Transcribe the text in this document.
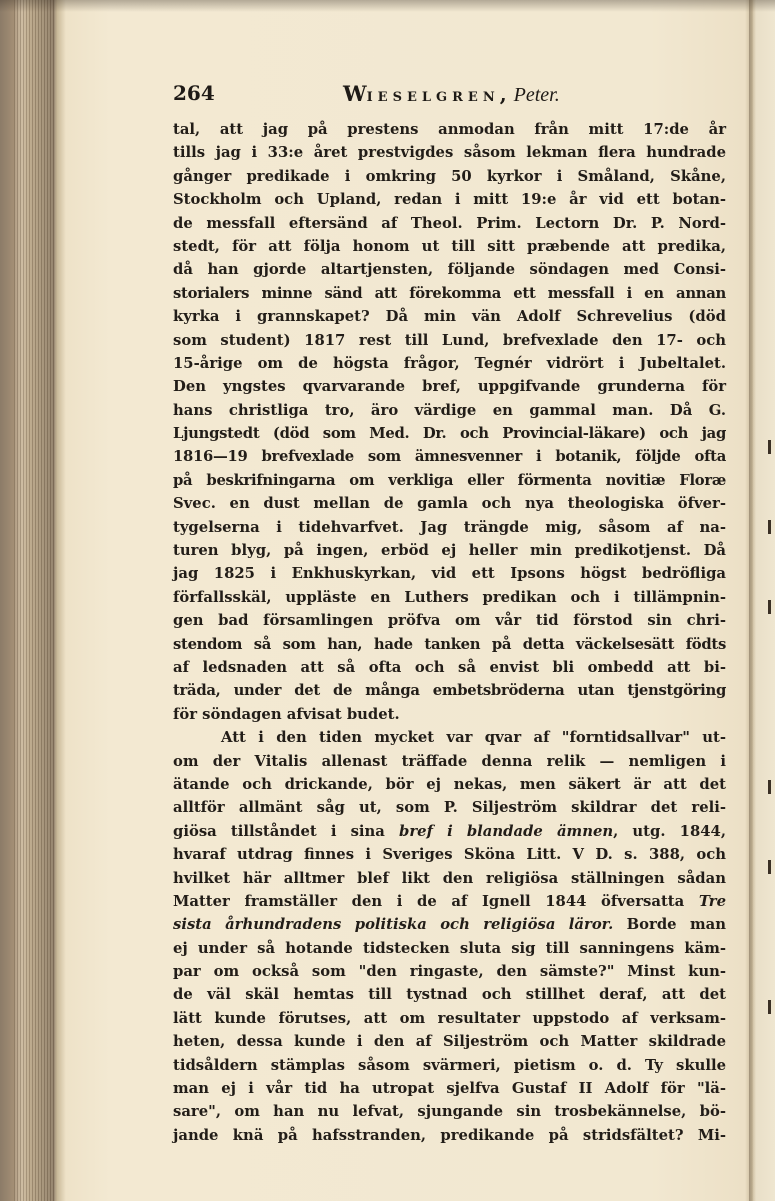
264	WIESELGREN, Peter.
tal, att jag på prestens anmodan från mitt 17:de år
tills jag i 33:e året prestvigdes såsom lekman flera hundrade
gånger predikade i omkring 50 kyrkor i Småland, Skåne,
Stockholm och Upland, redan i mitt 19:e år vid ett botan-
de messfall eftersänd af Theol. Prim. Lectorn Dr. P. Nord-
stedt, för att följa honom ut till sitt præbende att predika,
då han gjorde altartjensten, följande söndagen med Consi-
storialers minne sänd att förekomma ett messfall i en annan
kyrka i grannskapet? Då min vän Adolf Schrevelius (död
som student) 1817 rest till Lund, brefvexlade den 17- och
15-årige om de högsta frågor, Tegnér vidrört i Jubeltalet.
Den yngstes qvarvarande bref, uppgifvande grunderna för
hans christliga tro, äro värdige en gammal man. Då G.
Ljungstedt (död som Med. Dr. och Provincial-läkare) och jag
1816—19 brefvexlade som ämnesvenner i botanik, följde ofta
på beskrifningarna om verkliga eller förmenta novitiæ Floræ
Svec. en dust mellan de gamla och nya theologiska öfver-
tygelserna i tidehvarfvet. Jag trängde mig, såsom af na-
turen blyg, på ingen, erböd ej heller min predikotjenst. Då
jag 1825 i Enkhuskyrkan, vid ett Ipsons högst bedröfliga
förfallsskäl, uppläste en Luthers predikan och i tillämpnin-
gen bad församlingen pröfva om vår tid förstod sin chri-
stendom så som han, hade tanken på detta väckelsesätt födts
af ledsnaden att så ofta och så envist bli ombedd att bi-
träda, under det de många embetsbröderna utan tjenstgöring
för söndagen afvisat budet.
Att i den tiden mycket var qvar af "forntidsallvar" ut-
om der Vitalis allenast träffade denna relik — nemligen i
ätande och drickande, bör ej nekas, men säkert är att det
alltför allmänt såg ut, som P. Siljeström skildrar det reli-
giösa tillståndet i sina bref i blandade ämnen, utg. 1844,
hvaraf utdrag finnes i Sveriges Sköna Litt. V D. s. 388, och
hvilket här alltmer blef likt den religiösa ställningen sådan
Matter framställer den i de af Ignell 1844 öfversatta Tre
sista århundradens politiska och religiösa läror. Borde man
ej under så hotande tidstecken sluta sig till sanningens käm-
par om också som "den ringaste, den sämste?" Minst kun-
de väl skäl hemtas till tystnad och stillhet deraf, att det
lätt kunde förutses, att om resultater uppstodo af verksam-
heten, dessa kunde i den af Siljeström och Matter skildrade
tidsåldern stämplas såsom svärmeri, pietism o. d. Ty skulle
man ej i vår tid ha utropat sjelfva Gustaf II Adolf för "lä-
sare", om han nu lefvat, sjungande sin trosbekännelse, bö-
jande knä på hafsstranden, predikande på stridsfältet? Mi-
